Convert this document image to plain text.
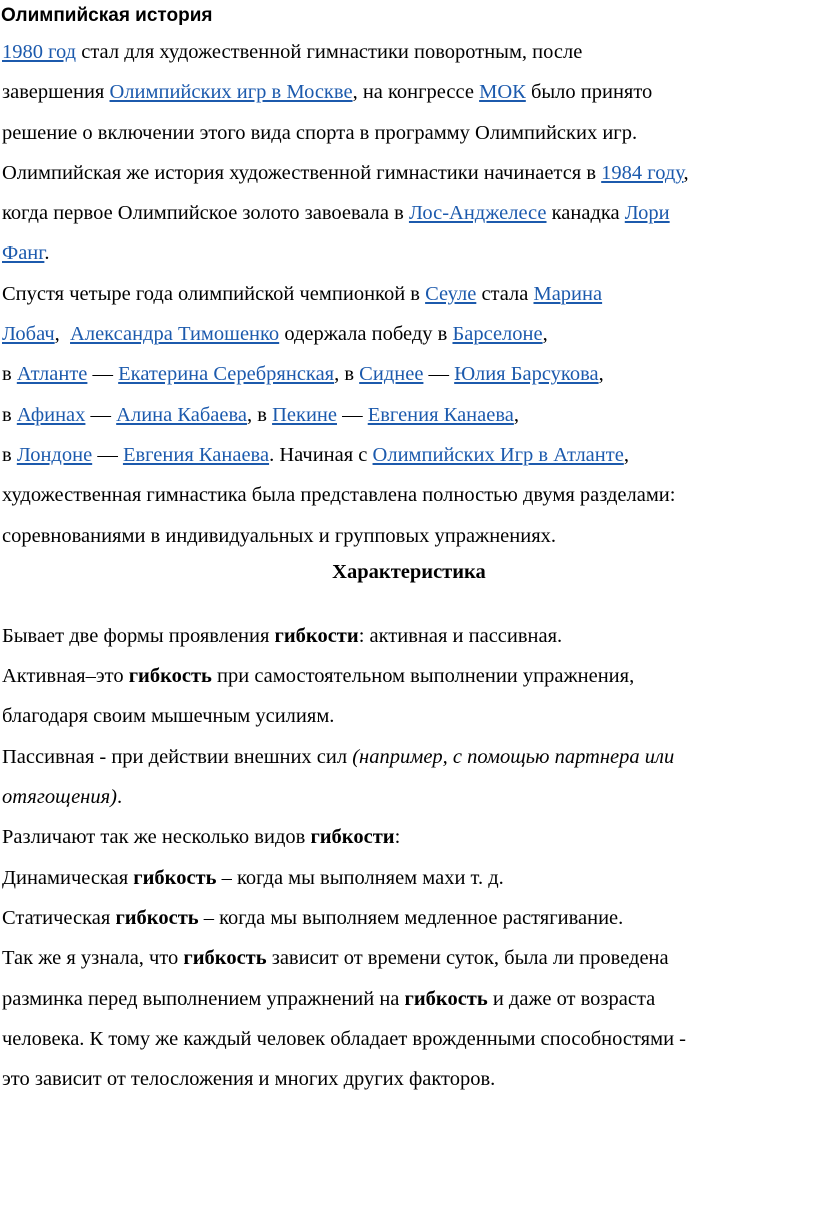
Олимпийская история

1980 год стал для художественной гимнастики поворотным, после
завершения Олимпийских игр в Москве, на конгрессе МОК было принято
решение о включении этого вида спорта в программу Олимпийских игр.
Олимпийская же история художественной гимнастики начинается в 1984 году,
когда первое Олимпийское золото завоевала в Лос-Анджелесе канадка Лори
Фанг.

Спустя четыре года олимпийской чемпионкой в Сеуле стала Марина
Лобач,  Александра Тимошенко одержала победу в Барселоне,
в Атланте — Екатерина Серебрянская, в Сиднее — Юлия Барсукова,
в Афинах — Алина Кабаева, в Пекине — Евгения Канаева,
в Лондоне — Евгения Канаева. Начиная с Олимпийских Игр в Атланте,
художественная гимнастика была представлена полностью двумя разделами:
соревнованиями в индивидуальных и групповых упражнениях.

Характеристика

Бывает две формы проявления гибкости: активная и пассивная.

Активная–это гибкость при самостоятельном выполнении упражнения,
благодаря своим мышечным усилиям.

Пассивная - при действии внешних сил (например, с помощью партнера или
отягощения).

Различают так же несколько видов гибкости:

Динамическая гибкость – когда мы выполняем махи т. д.

Статическая гибкость – когда мы выполняем медленное растягивание.

Так же я узнала, что гибкость зависит от времени суток, была ли проведена
разминка перед выполнением упражнений на гибкость и даже от возраста
человека. К тому же каждый человек обладает врожденными способностями -
это зависит от телосложения и многих других факторов.
